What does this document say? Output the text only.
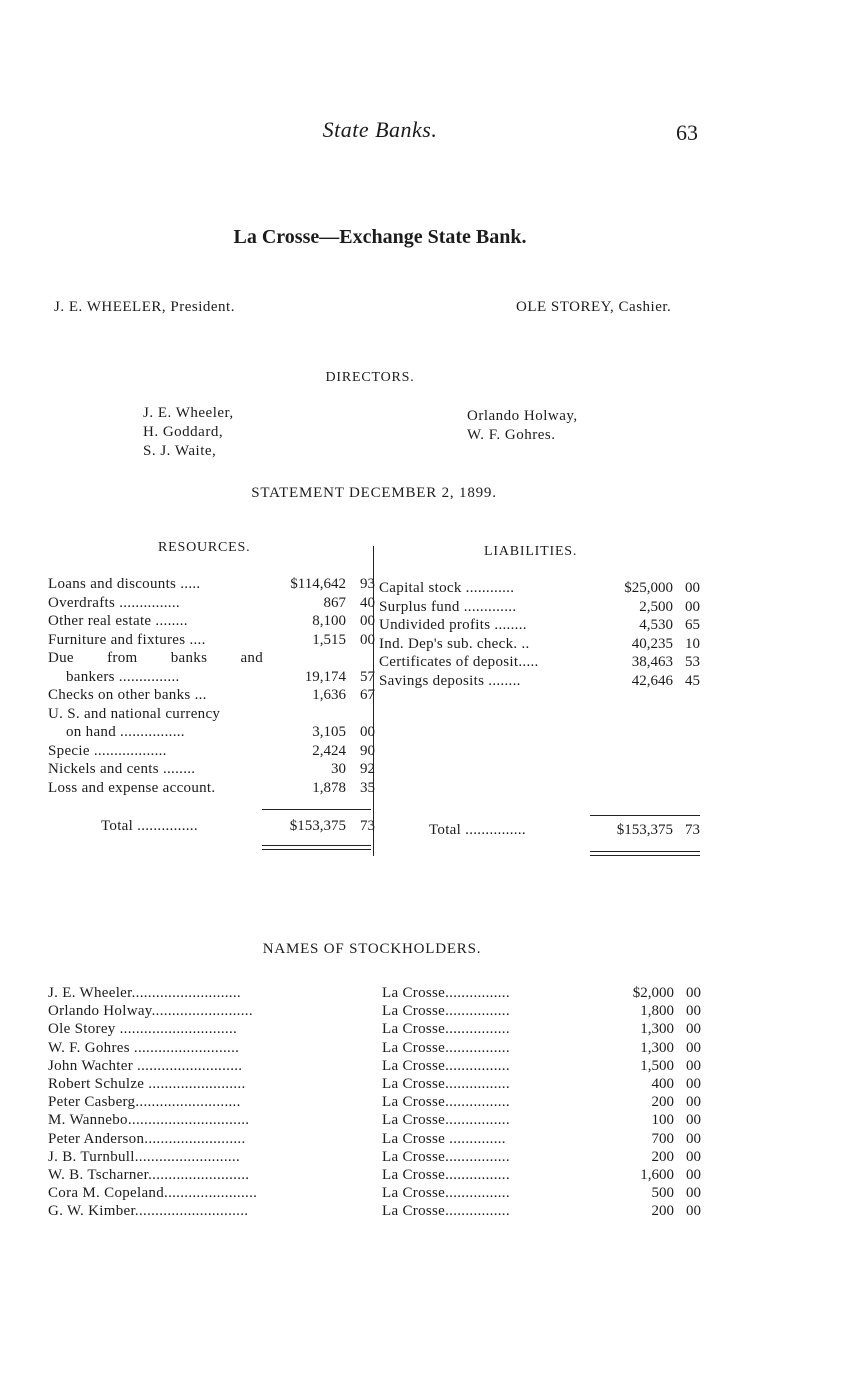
State Banks.	63
La Crosse—Exchange State Bank.
J. E. WHEELER, President.	OLE STOREY, Cashier.
DIRECTORS.
J. E. Wheeler,
H. Goddard,
S. J. Waite,
Orlando Holway,
W. F. Gohres.
STATEMENT DECEMBER 2, 1899.
RESOURCES.	LIABILITIES.
Loans and discounts .....	$114,642 93
Overdrafts ...............	867 40
Other real estate ........	8,100 00
Furniture and fixtures ....	1,515 00
Due from banks and
bankers ...............	19,174 57
Checks on other banks ...	1,636 67
U. S. and national currency
on hand ................	3,105 00
Specie ..................	2,424 90
Nickels and cents ........	30 92
Loss and expense account.	1,878 35
Total ...............	$153,375 73
Capital stock ............	$25,000 00
Surplus fund .............	2,500 00
Undivided profits ........	4,530 65
Ind. Dep's sub. check. ..	40,235 10
Certificates of deposit.....	38,463 53
Savings deposits ........	42,646 45
Total ...............	$153,375 73
NAMES OF STOCKHOLDERS.
J. E. Wheeler...........................	La Crosse................	$2,000 00
Orlando Holway.........................	La Crosse................	1,800 00
Ole Storey .............................	La Crosse................	1,300 00
W. F. Gohres ..........................	La Crosse................	1,300 00
John Wachter ..........................	La Crosse................	1,500 00
Robert Schulze ........................	La Crosse................	400 00
Peter Casberg..........................	La Crosse................	200 00
M. Wannebo..............................	La Crosse................	100 00
Peter Anderson.........................	La Crosse ..............	700 00
J. B. Turnbull..........................	La Crosse................	200 00
W. B. Tscharner.........................	La Crosse................	1,600 00
Cora M. Copeland.......................	La Crosse................	500 00
G. W. Kimber............................	La Crosse................	200 00
